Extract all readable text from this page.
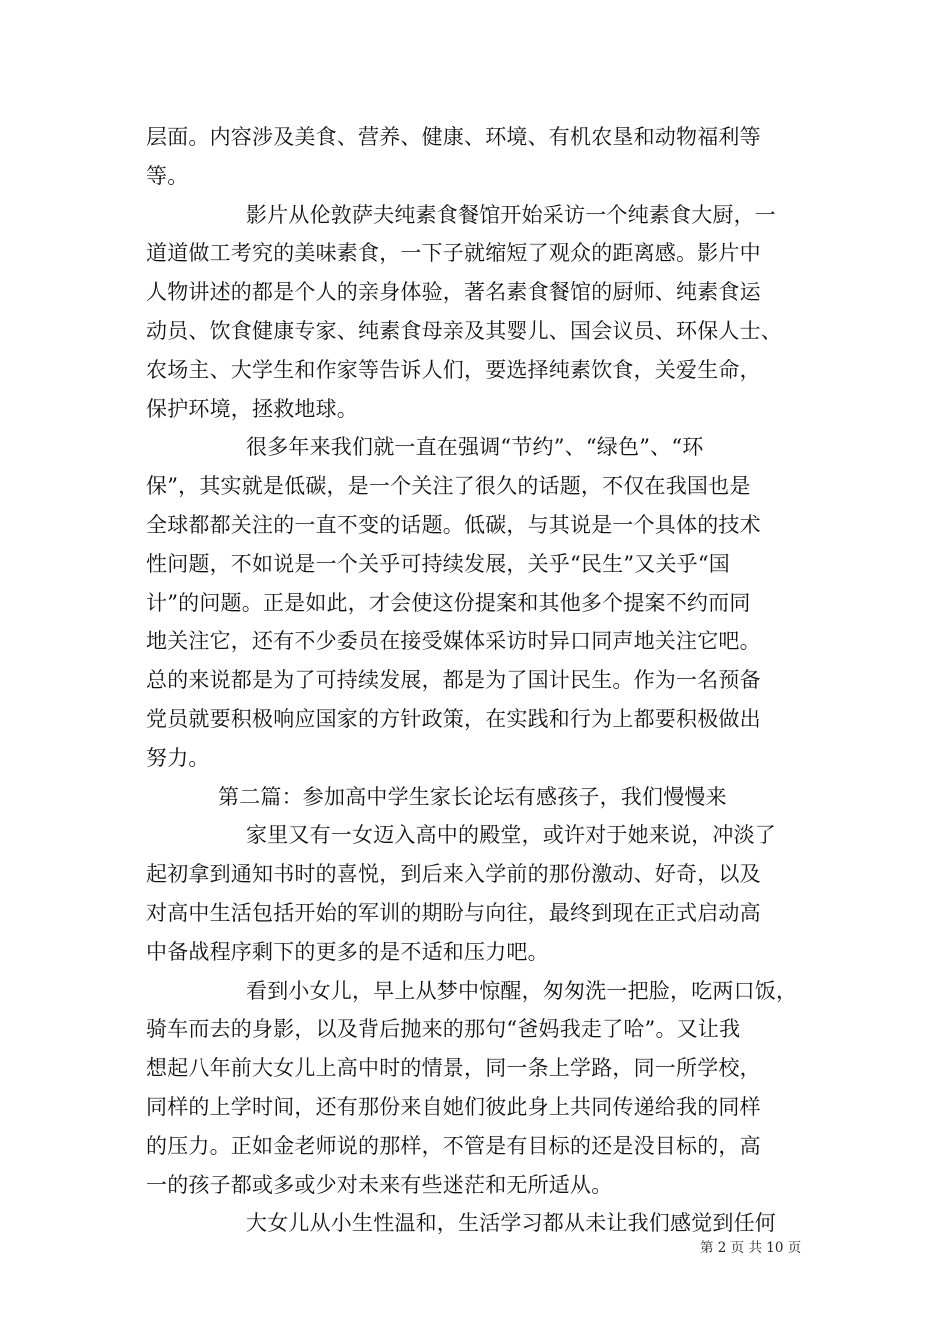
层面。内容涉及美食、营养、健康、环境、有机农垦和动物福利等
等。
影片从伦敦萨夫纯素食餐馆开始采访一个纯素食大厨，一
道道做工考究的美味素食，一下子就缩短了观众的距离感。影片中
人物讲述的都是个人的亲身体验，著名素食餐馆的厨师、纯素食运
动员、饮食健康专家、纯素食母亲及其婴儿、国会议员、环保人士、
农场主、大学生和作家等告诉人们，要选择纯素饮食，关爱生命，
保护环境，拯救地球。
很多年来我们就一直在强调“节约”、“绿色”、“环
保”，其实就是低碳，是一个关注了很久的话题，不仅在我国也是
全球都都关注的一直不变的话题。低碳，与其说是一个具体的技术
性问题，不如说是一个关乎可持续发展，关乎“民生”又关乎“国
计”的问题。正是如此，才会使这份提案和其他多个提案不约而同
地关注它，还有不少委员在接受媒体采访时异口同声地关注它吧。
总的来说都是为了可持续发展，都是为了国计民生。作为一名预备
党员就要积极响应国家的方针政策，在实践和行为上都要积极做出
努力。
第二篇：参加高中学生家长论坛有感孩子，我们慢慢来
家里又有一女迈入高中的殿堂，或许对于她来说，冲淡了
起初拿到通知书时的喜悦，到后来入学前的那份激动、好奇，以及
对高中生活包括开始的军训的期盼与向往，最终到现在正式启动高
中备战程序剩下的更多的是不适和压力吧。
看到小女儿，早上从梦中惊醒，匆匆洗一把脸，吃两口饭，
骑车而去的身影，以及背后抛来的那句“爸妈我走了哈”。又让我
想起八年前大女儿上高中时的情景，同一条上学路，同一所学校，
同样的上学时间，还有那份来自她们彼此身上共同传递给我的同样
的压力。正如金老师说的那样，不管是有目标的还是没目标的，高
一的孩子都或多或少对未来有些迷茫和无所适从。
大女儿从小生性温和，生活学习都从未让我们感觉到任何
第 2 页 共 10 页
